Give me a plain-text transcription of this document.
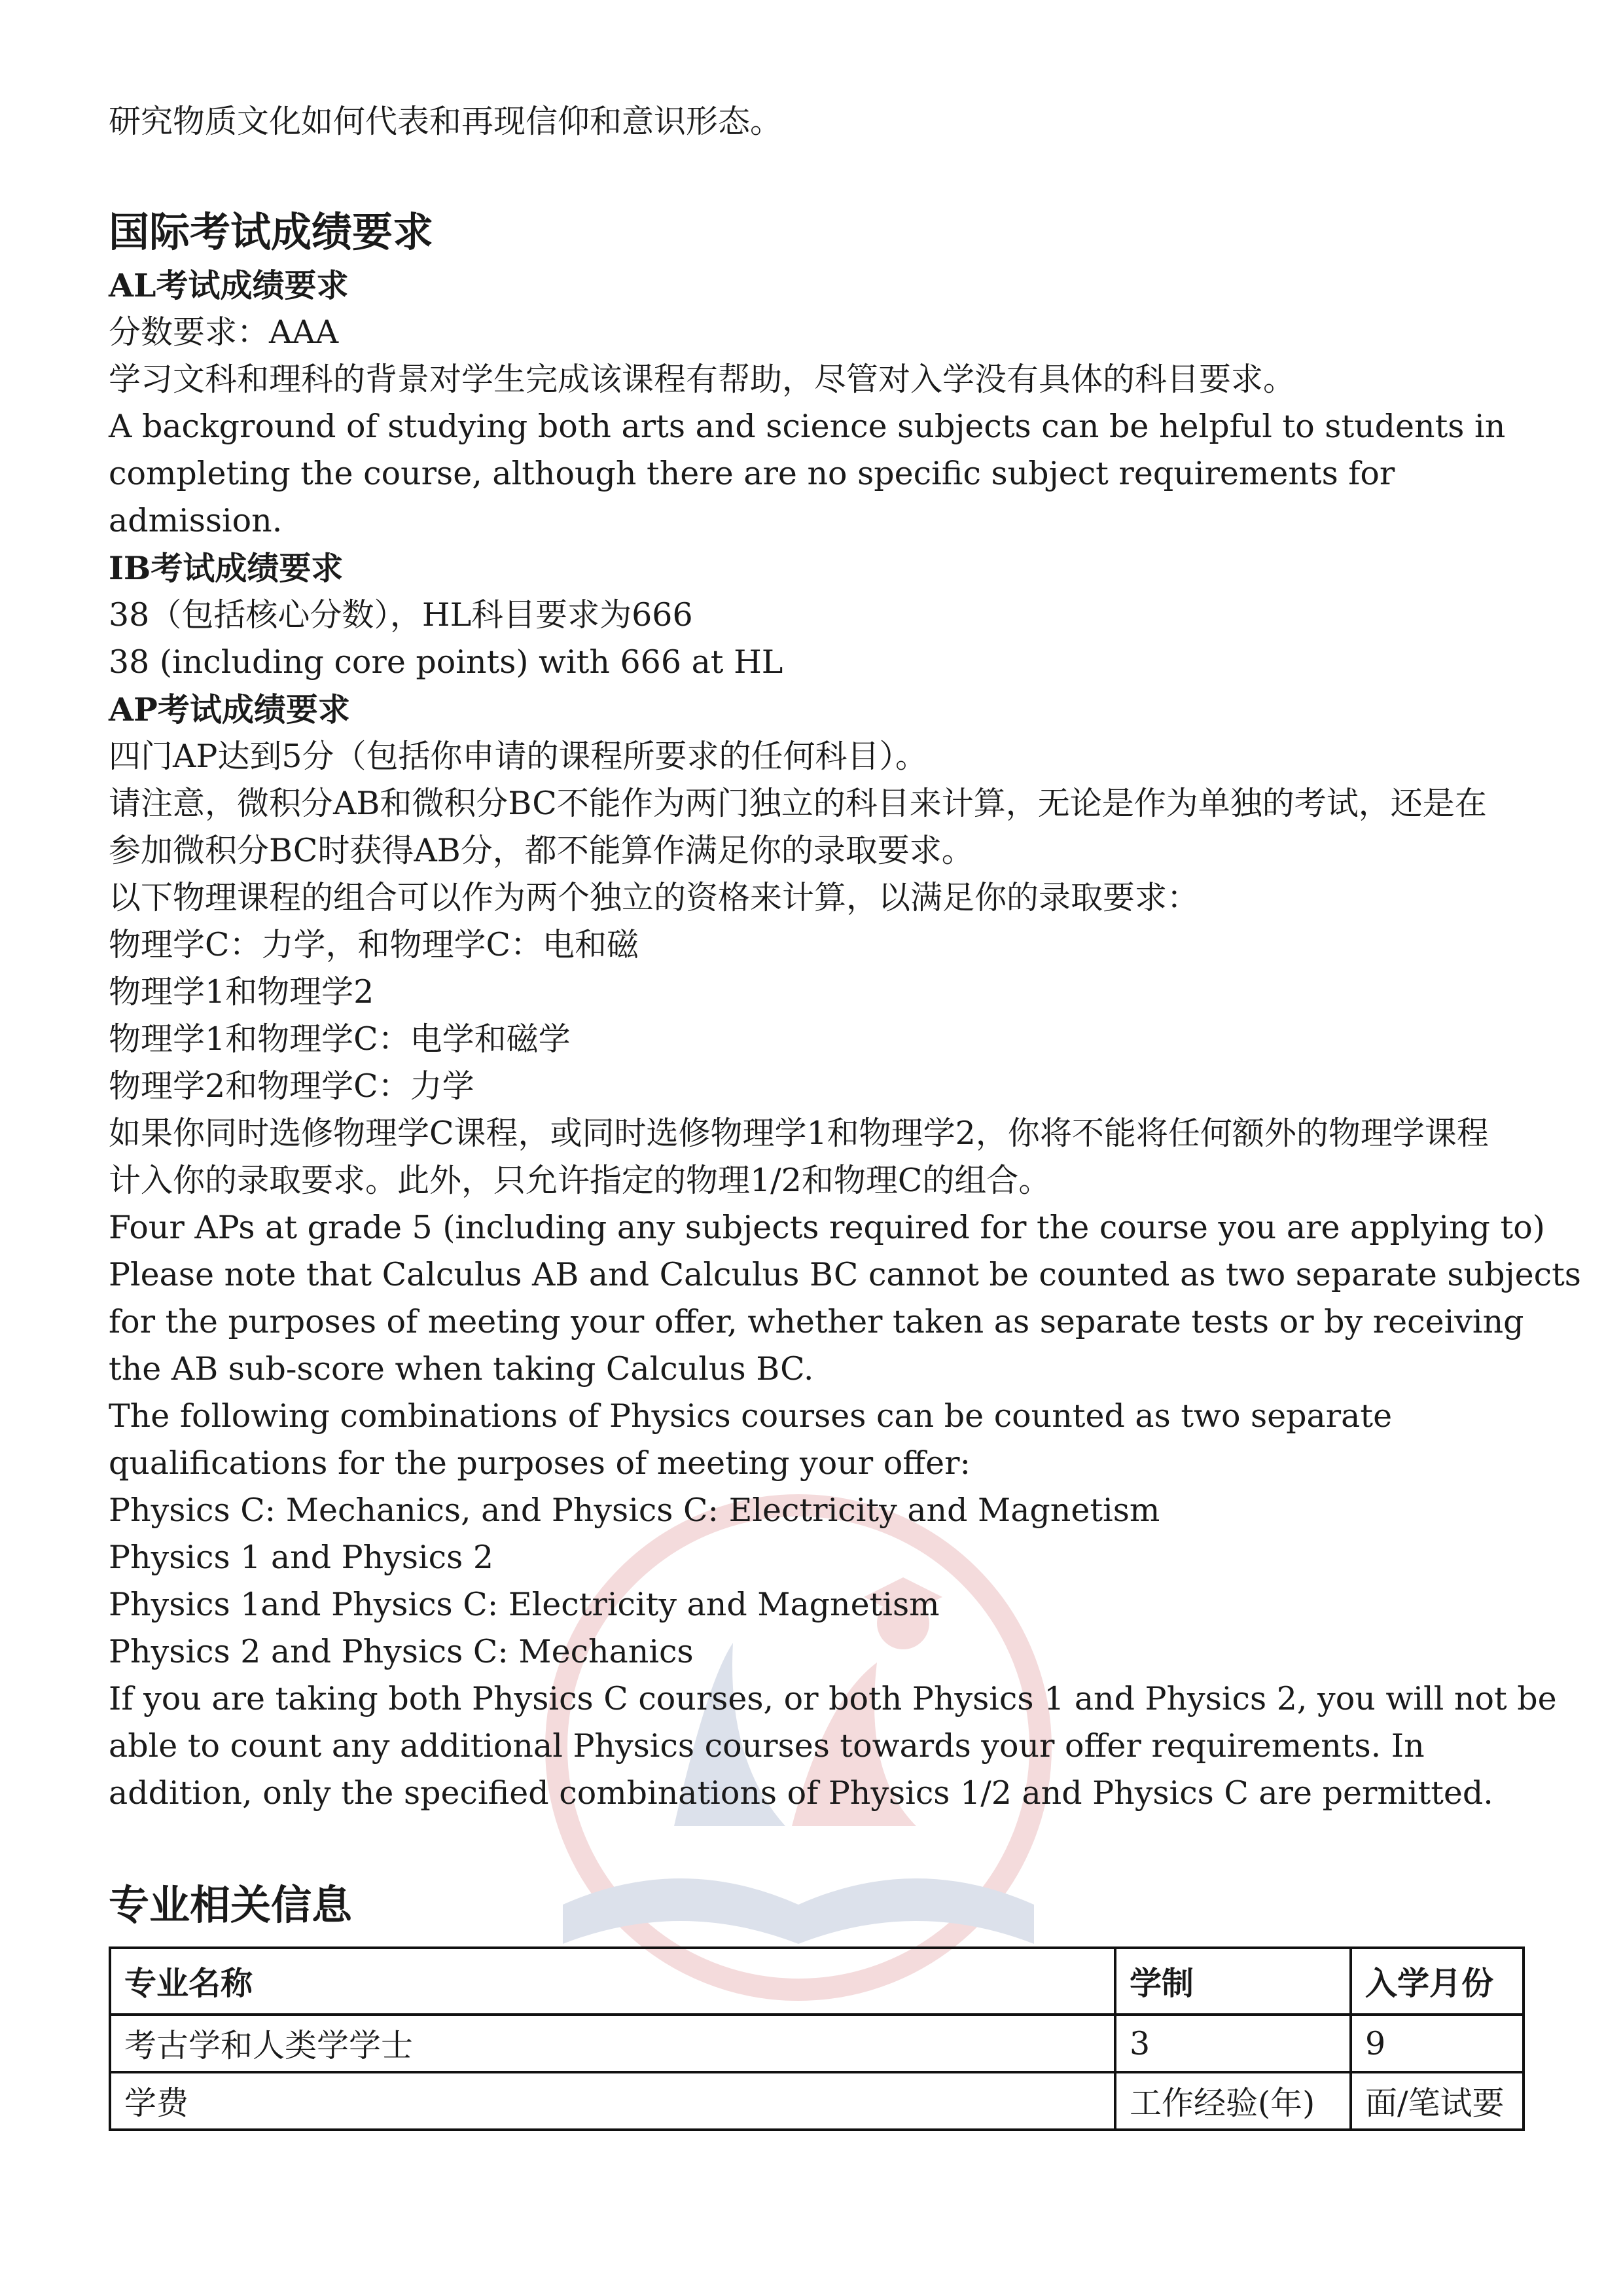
研究物质文化如何代表和再现信仰和意识形态。

国际考试成绩要求

AL考试成绩要求

分数要求：AAA

学习文科和理科的背景对学生完成该课程有帮助，尽管对入学没有具体的科目要求。

A background of studying both arts and science subjects can be helpful to students in

completing the course, although there are no specific subject requirements for

admission.

IB考试成绩要求

38（包括核心分数），HL科目要求为666

38 (including core points) with 666 at HL

AP考试成绩要求

四门AP达到5分（包括你申请的课程所要求的任何科目）。

请注意，微积分AB和微积分BC不能作为两门独立的科目来计算，无论是作为单独的考试，还是在

参加微积分BC时获得AB分，都不能算作满足你的录取要求。

以下物理课程的组合可以作为两个独立的资格来计算，以满足你的录取要求：

物理学C：力学，和物理学C：电和磁

物理学1和物理学2

物理学1和物理学C：电学和磁学

物理学2和物理学C：力学

如果你同时选修物理学C课程，或同时选修物理学1和物理学2，你将不能将任何额外的物理学课程

计入你的录取要求。此外，只允许指定的物理1/2和物理C的组合。

Four APs at grade 5 (including any subjects required for the course you are applying to)

Please note that Calculus AB and Calculus BC cannot be counted as two separate subjects

for the purposes of meeting your offer, whether taken as separate tests or by receiving

the AB sub-score when taking Calculus BC.

The following combinations of Physics courses can be counted as two separate

qualifications for the purposes of meeting your offer:

Physics C: Mechanics, and Physics C: Electricity and Magnetism

Physics 1 and Physics 2

Physics 1and Physics C: Electricity and Magnetism

Physics 2 and Physics C: Mechanics

If you are taking both Physics C courses, or both Physics 1 and Physics 2, you will not be

able to count any additional Physics courses towards your offer requirements. In

addition, only the specified combinations of Physics 1/2 and Physics C are permitted.

专业相关信息

专业名称	学制	入学月份
考古学和人类学学士	3	9
学费	工作经验(年)	面/笔试要
